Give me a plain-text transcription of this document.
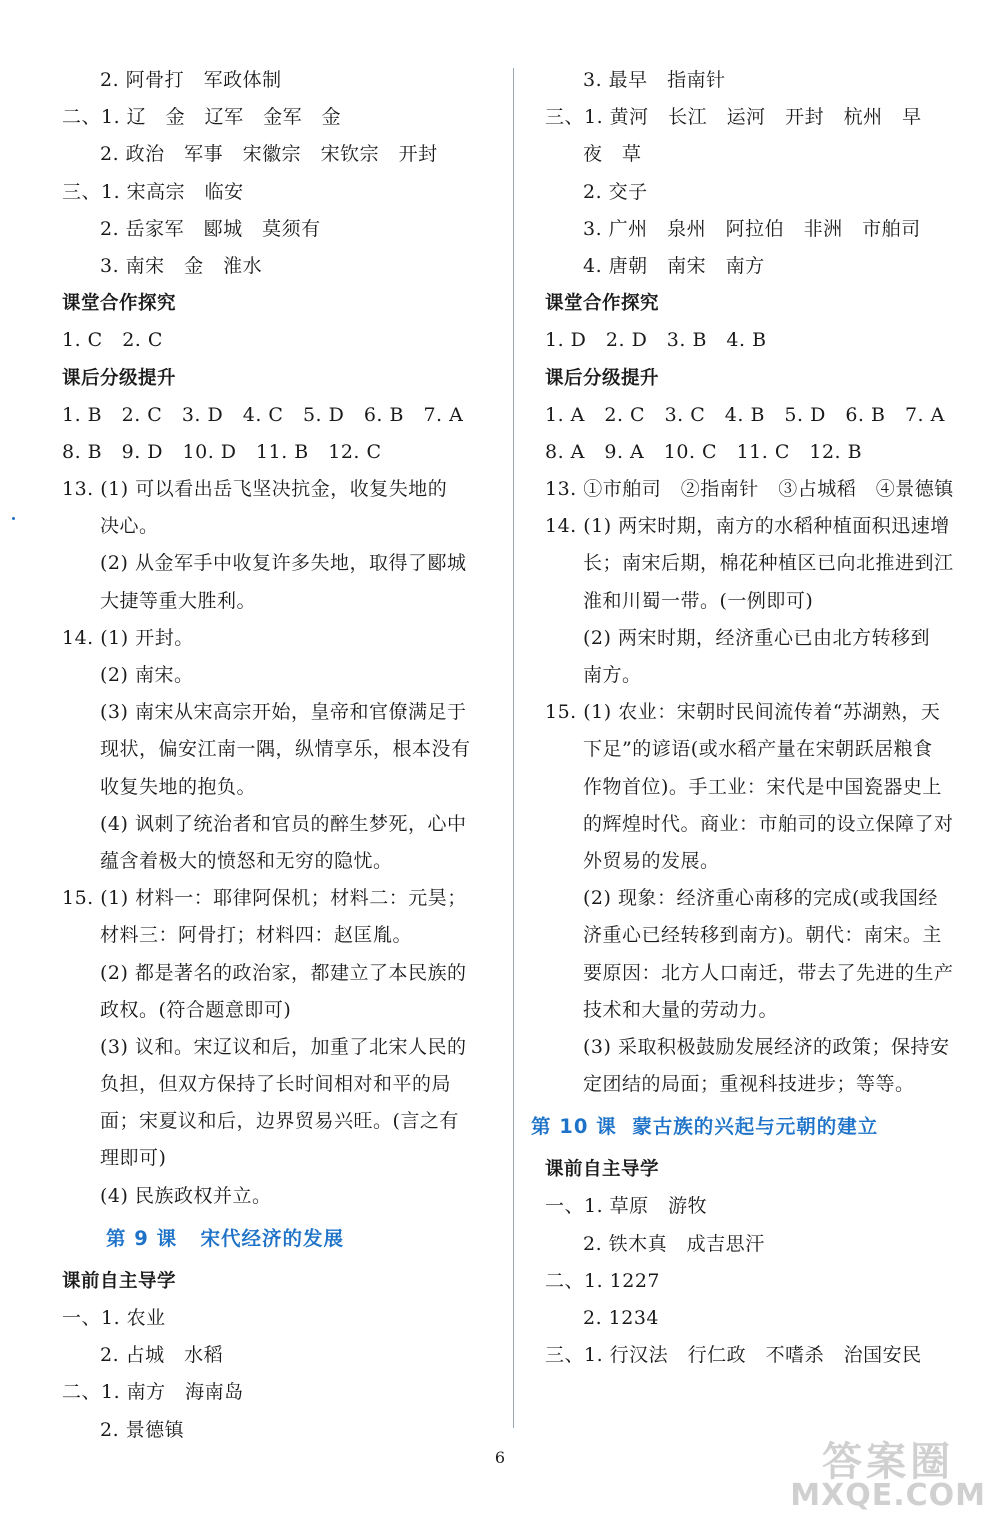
2. 阿骨打　军政体制
二、1. 辽　金　辽军　金军　金
2. 政治　军事　宋徽宗　宋钦宗　开封
三、1. 宋高宗　临安
2. 岳家军　郾城　莫须有
3. 南宋　金　淮水
课堂合作探究
1. C　2. C
课后分级提升
1. B　2. C　3. D　4. C　5. D　6. B　7. A
8. B　9. D　10. D　11. B　12. C
13. (1) 可以看出岳飞坚决抗金，收复失地的
决心。
(2) 从金军手中收复许多失地，取得了郾城
大捷等重大胜利。
14. (1) 开封。
(2) 南宋。
(3) 南宋从宋高宗开始，皇帝和官僚满足于
现状，偏安江南一隅，纵情享乐，根本没有
收复失地的抱负。
(4) 讽刺了统治者和官员的醉生梦死，心中
蕴含着极大的愤怒和无穷的隐忧。
15. (1) 材料一：耶律阿保机；材料二：元昊；
材料三：阿骨打；材料四：赵匡胤。
(2) 都是著名的政治家，都建立了本民族的
政权。(符合题意即可)
(3) 议和。宋辽议和后，加重了北宋人民的
负担，但双方保持了长时间相对和平的局
面；宋夏议和后，边界贸易兴旺。(言之有
理即可)
(4) 民族政权并立。
第 9 课 宋代经济的发展
课前自主导学
一、1. 农业
2. 占城　水稻
二、1. 南方　海南岛
2. 景德镇
3. 最早　指南针
三、1. 黄河　长江　运河　开封　杭州　早
夜　草
2. 交子
3. 广州　泉州　阿拉伯　非洲　市舶司
4. 唐朝　南宋　南方
课堂合作探究
1. D　2. D　3. B　4. B
课后分级提升
1. A　2. C　3. C　4. B　5. D　6. B　7. A
8. A　9. A　10. C　11. C　12. B
13. ①市舶司　②指南针　③占城稻　④景德镇
14. (1) 两宋时期，南方的水稻种植面积迅速增
长；南宋后期，棉花种植区已向北推进到江
淮和川蜀一带。(一例即可)
(2) 两宋时期，经济重心已由北方转移到
南方。
15. (1) 农业：宋朝时民间流传着“苏湖熟，天
下足”的谚语(或水稻产量在宋朝跃居粮食
作物首位)。手工业：宋代是中国瓷器史上
的辉煌时代。商业：市舶司的设立保障了对
外贸易的发展。
(2) 现象：经济重心南移的完成(或我国经
济重心已经转移到南方)。朝代：南宋。主
要原因：北方人口南迁，带去了先进的生产
技术和大量的劳动力。
(3) 采取积极鼓励发展经济的政策；保持安
定团结的局面；重视科技进步；等等。
第 10 课 蒙古族的兴起与元朝的建立
课前自主导学
一、1. 草原　游牧
2. 铁木真　成吉思汗
二、1. 1227
2. 1234
三、1. 行汉法　行仁政　不嗜杀　治国安民
6	答案圈
MXQE.COM
